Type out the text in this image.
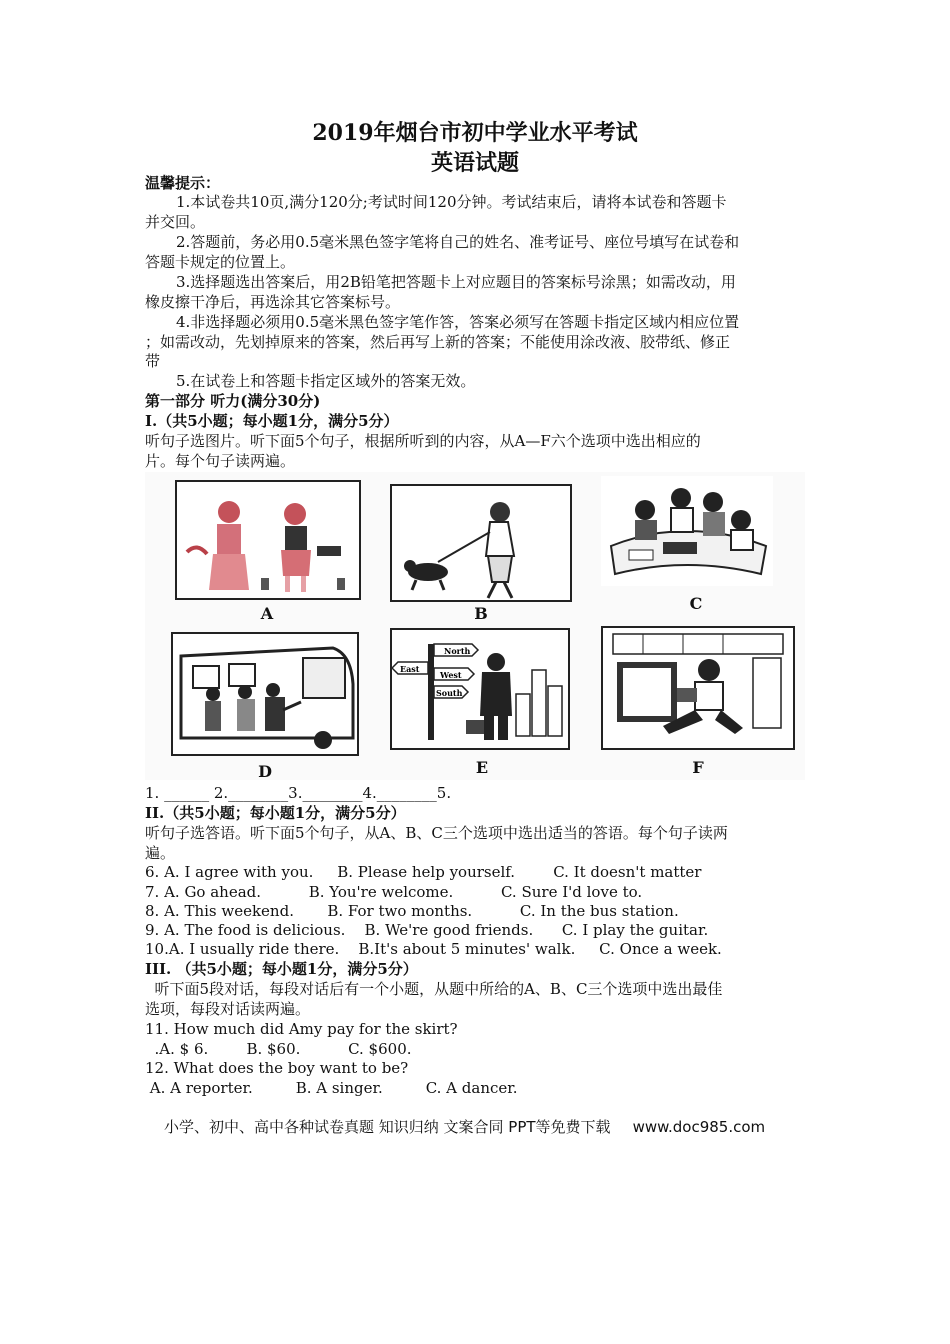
2019年烟台市初中学业水平考试
英语试题
温馨提示：
1.本试卷共10页,满分120分;考试时间120分钟。考试结束后，请将本试卷和答题卡
并交回。
2.答题前，务必用0.5毫米黑色签字笔将自己的姓名、准考证号、座位号填写在试卷和
答题卡规定的位置上。
3.选择题选出答案后，用2B铅笔把答题卡上对应题目的答案标号涂黑；如需改动，用
橡皮擦干净后，再选涂其它答案标号。
4.非选择题必须用0.5毫米黑色签字笔作答，答案必须写在答题卡指定区域内相应位置
；如需改动，先划掉原来的答案，然后再写上新的答案；不能使用涂改液、胶带纸、修正
带
5.在试卷上和答题卡指定区域外的答案无效。
第一部分 听力(满分30分)
I.（共5小题；每小题1分，满分5分）
听句子选图片。听下面5个句子，根据所听到的内容，从A—F六个选项中选出相应的
片。每个句子读两遍。
A	B
C
D
North
East
West
South
E	F
1. ______ 2.________3.________4.________5.
II.（共5小题；每小题1分，满分5分）
听句子选答语。听下面5个句子，从A、B、C三个选项中选出适当的答语。每个句子读两
遍。
6. A. I agree with you.     B. Please help yourself.        C. It doesn't matter
7. A. Go ahead.          B. You're welcome.          C. Sure I'd love to.
8. A. This weekend.       B. For two months.          C. In the bus station.
9. A. The food is delicious.    B. We're good friends.      C. I play the guitar.
10.A. I usually ride there.    B.It's about 5 minutes' walk.     C. Once a week.
III. （共5小题；每小题1分，满分5分）
听下面5段对话，每段对话后有一个小题，从题中所给的A、B、C三个选项中选出最佳
选项，每段对话读两遍。
11. How much did Amy pay for the skirt?
.A. $ 6.        B. $60.          C. $600.
12. What does the boy want to be?
A. A reporter.         B. A singer.         C. A dancer.
小学、初中、高中各种试卷真题 知识归纳 文案合同 PPT等免费下载 www.doc985.com
